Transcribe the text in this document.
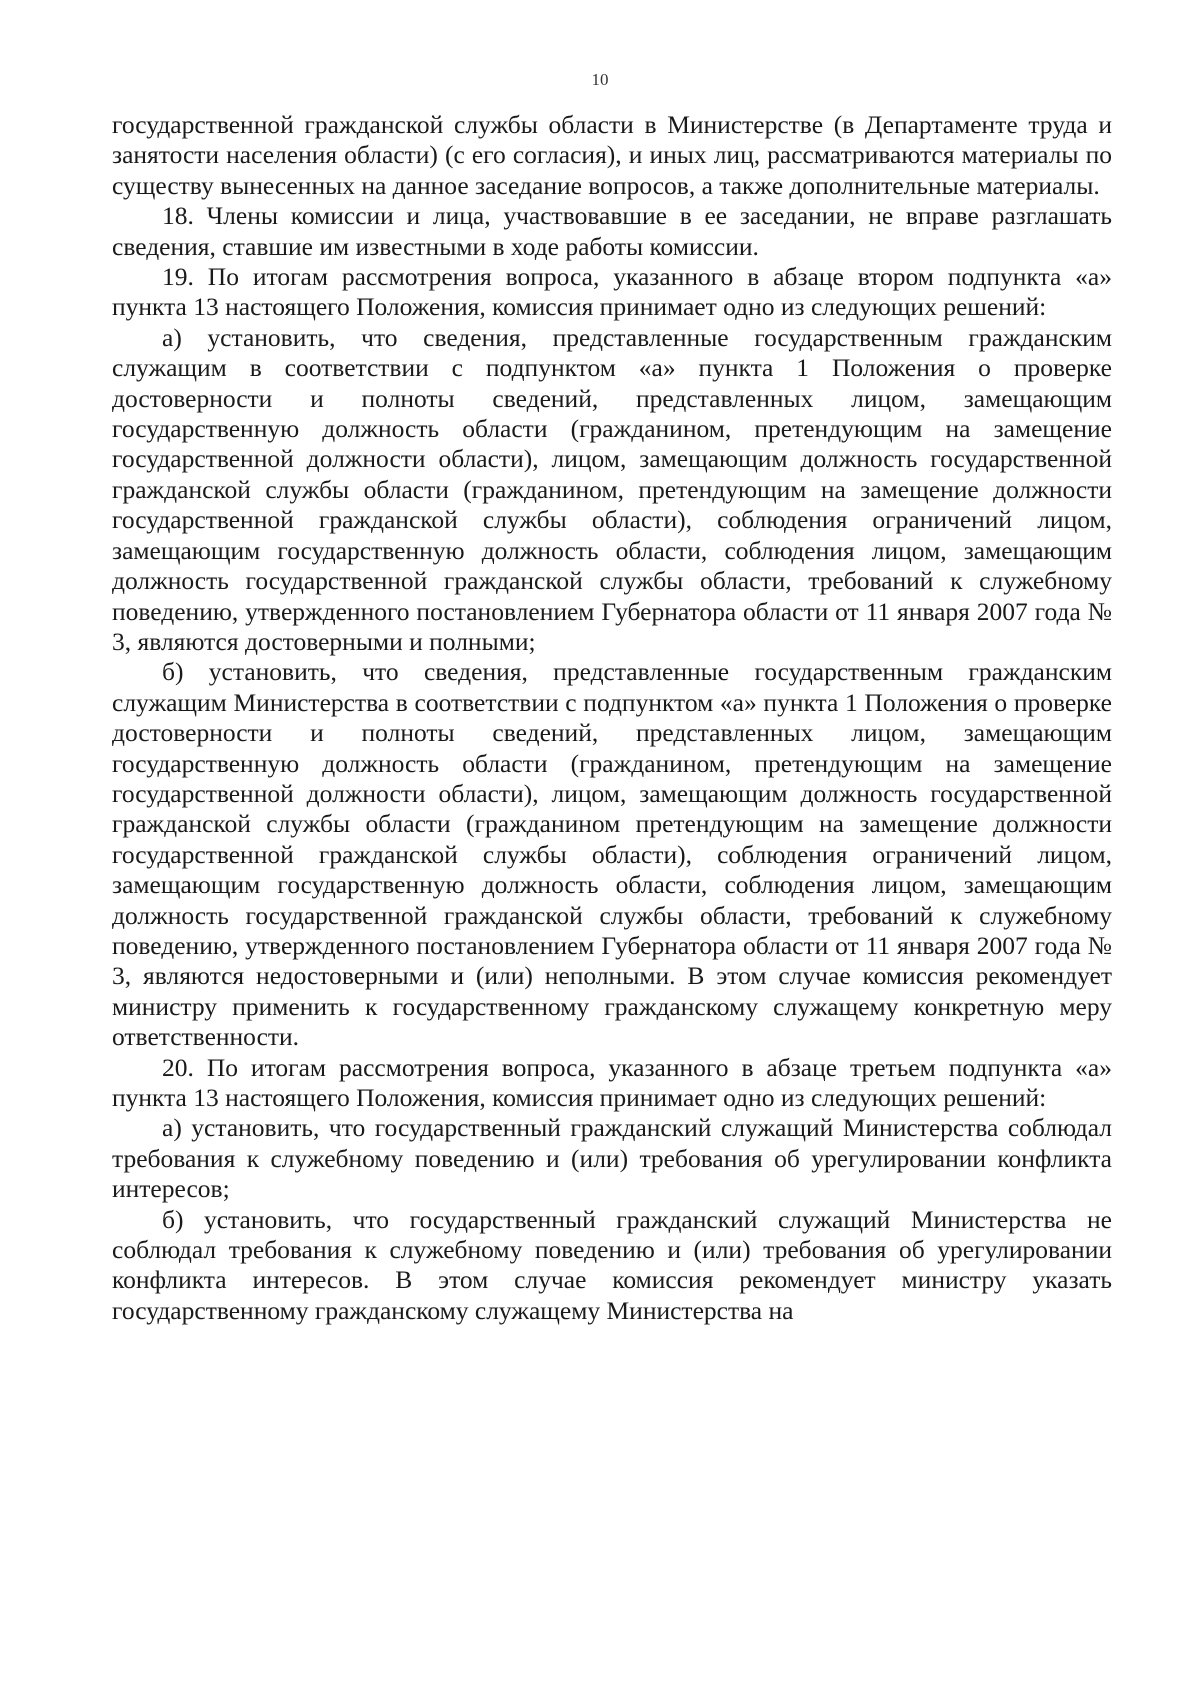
10

государственной гражданской службы области в Министерстве (в Департаменте труда и занятости населения области) (с его согласия), и иных лиц, рассматриваются материалы по существу вынесенных на данное заседание вопросов, а также дополнительные материалы.

18. Члены комиссии и лица, участвовавшие в ее заседании, не вправе разглашать сведения, ставшие им известными в ходе работы комиссии.

19. По итогам рассмотрения вопроса, указанного в абзаце втором подпункта «а» пункта 13 настоящего Положения, комиссия принимает одно из следующих решений:

а) установить, что сведения, представленные государственным гражданским служащим в соответствии с подпунктом «а» пункта 1 Положения о проверке достоверности и полноты сведений, представленных лицом, замещающим государственную должность области (гражданином, претендующим на замещение государственной должности области), лицом, замещающим должность государственной гражданской службы области (гражданином, претендующим на замещение должности государственной гражданской службы области), соблюдения ограничений лицом, замещающим государственную должность области, соблюдения лицом, замещающим должность государственной гражданской службы области, требований к служебному поведению, утвержденного постановлением Губернатора области от 11 января 2007 года № 3, являются достоверными и полными;

б) установить, что сведения, представленные государственным гражданским служащим Министерства в соответствии с подпунктом «а» пункта 1 Положения о проверке достоверности и полноты сведений, представленных лицом, замещающим государственную должность области (гражданином, претендующим на замещение государственной должности области), лицом, замещающим должность государственной гражданской службы области (гражданином претендующим на замещение должности государственной гражданской службы области), соблюдения ограничений лицом, замещающим государственную должность области, соблюдения лицом, замещающим должность государственной гражданской службы области, требований к служебному поведению, утвержденного постановлением Губернатора области от 11 января 2007 года № 3, являются недостоверными и (или) неполными. В этом случае комиссия рекомендует министру применить к государственному гражданскому служащему конкретную меру ответственности.

20. По итогам рассмотрения вопроса, указанного в абзаце третьем подпункта «а» пункта 13 настоящего Положения, комиссия принимает одно из следующих решений:

а) установить, что государственный гражданский служащий Министерства соблюдал требования к служебному поведению и (или) требования об урегулировании конфликта интересов;

б) установить, что государственный гражданский служащий Министерства не соблюдал требования к служебному поведению и (или) требования об урегулировании конфликта интересов. В этом случае комиссия рекомендует министру указать государственному гражданскому служащему Министерства на
